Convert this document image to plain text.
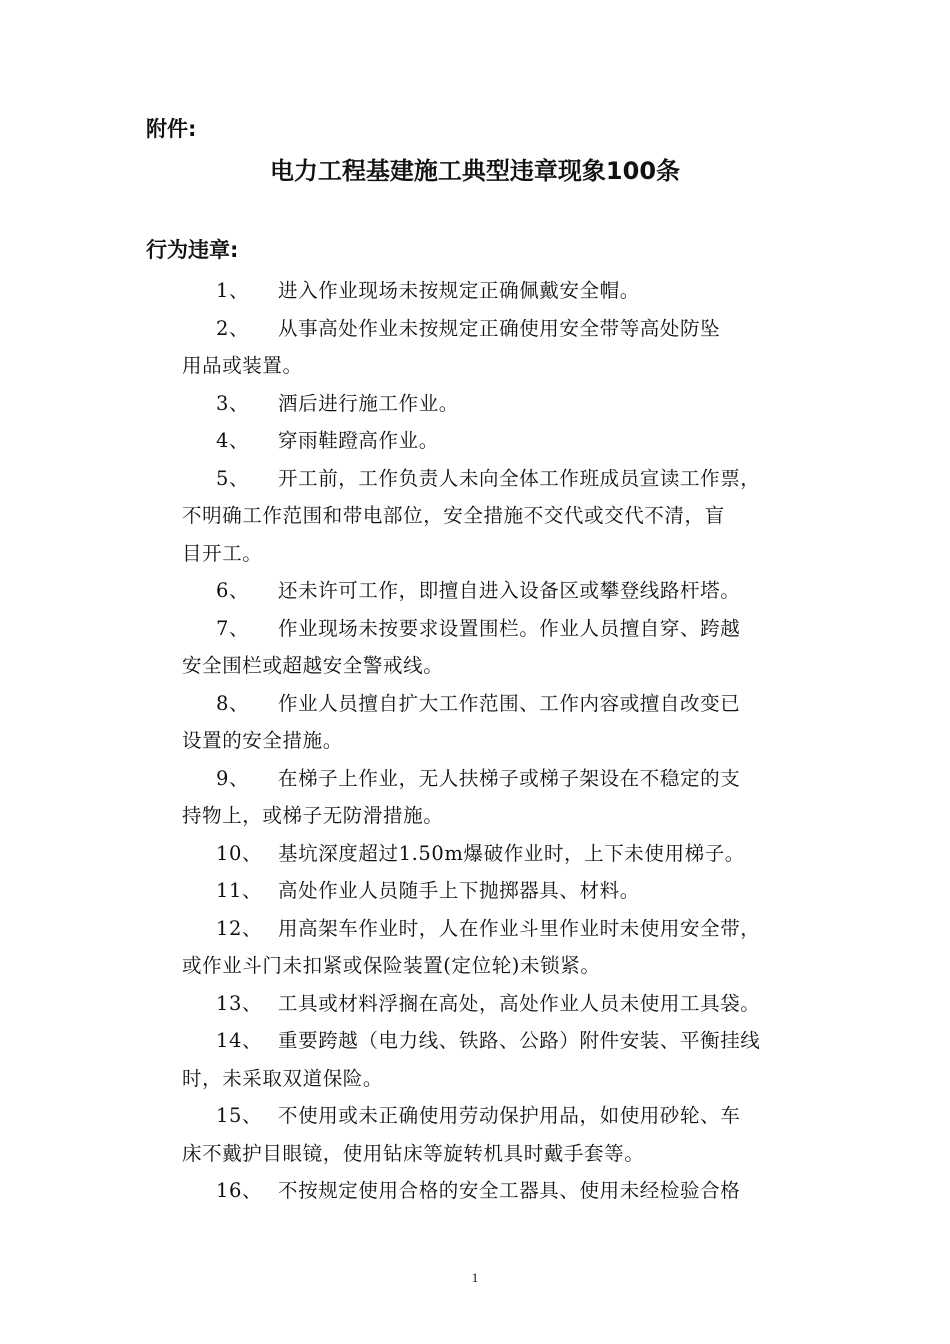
附件:
电力工程基建施工典型违章现象100条
行为违章:
1、 进入作业现场未按规定正确佩戴安全帽。
2、 从事高处作业未按规定正确使用安全带等高处防坠
用品或装置。
3、 酒后进行施工作业。
4、 穿雨鞋蹬高作业。
5、 开工前，工作负责人未向全体工作班成员宣读工作票，
不明确工作范围和带电部位，安全措施不交代或交代不清，盲
目开工。
6、 还未许可工作，即擅自进入设备区或攀登线路杆塔。
7、 作业现场未按要求设置围栏。作业人员擅自穿、跨越
安全围栏或超越安全警戒线。
8、 作业人员擅自扩大工作范围、工作内容或擅自改变已
设置的安全措施。
9、 在梯子上作业，无人扶梯子或梯子架设在不稳定的支
持物上，或梯子无防滑措施。
10、 基坑深度超过1.50m爆破作业时，上下未使用梯子。
11、 高处作业人员随手上下抛掷器具、材料。
12、 用高架车作业时，人在作业斗里作业时未使用安全带，
或作业斗门未扣紧或保险装置(定位轮)未锁紧。
13、 工具或材料浮搁在高处，高处作业人员未使用工具袋。
14、 重要跨越（电力线、铁路、公路）附件安装、平衡挂线
时，未采取双道保险。
15、 不使用或未正确使用劳动保护用品，如使用砂轮、车
床不戴护目眼镜，使用钻床等旋转机具时戴手套等。
16、 不按规定使用合格的安全工器具、使用未经检验合格
1
